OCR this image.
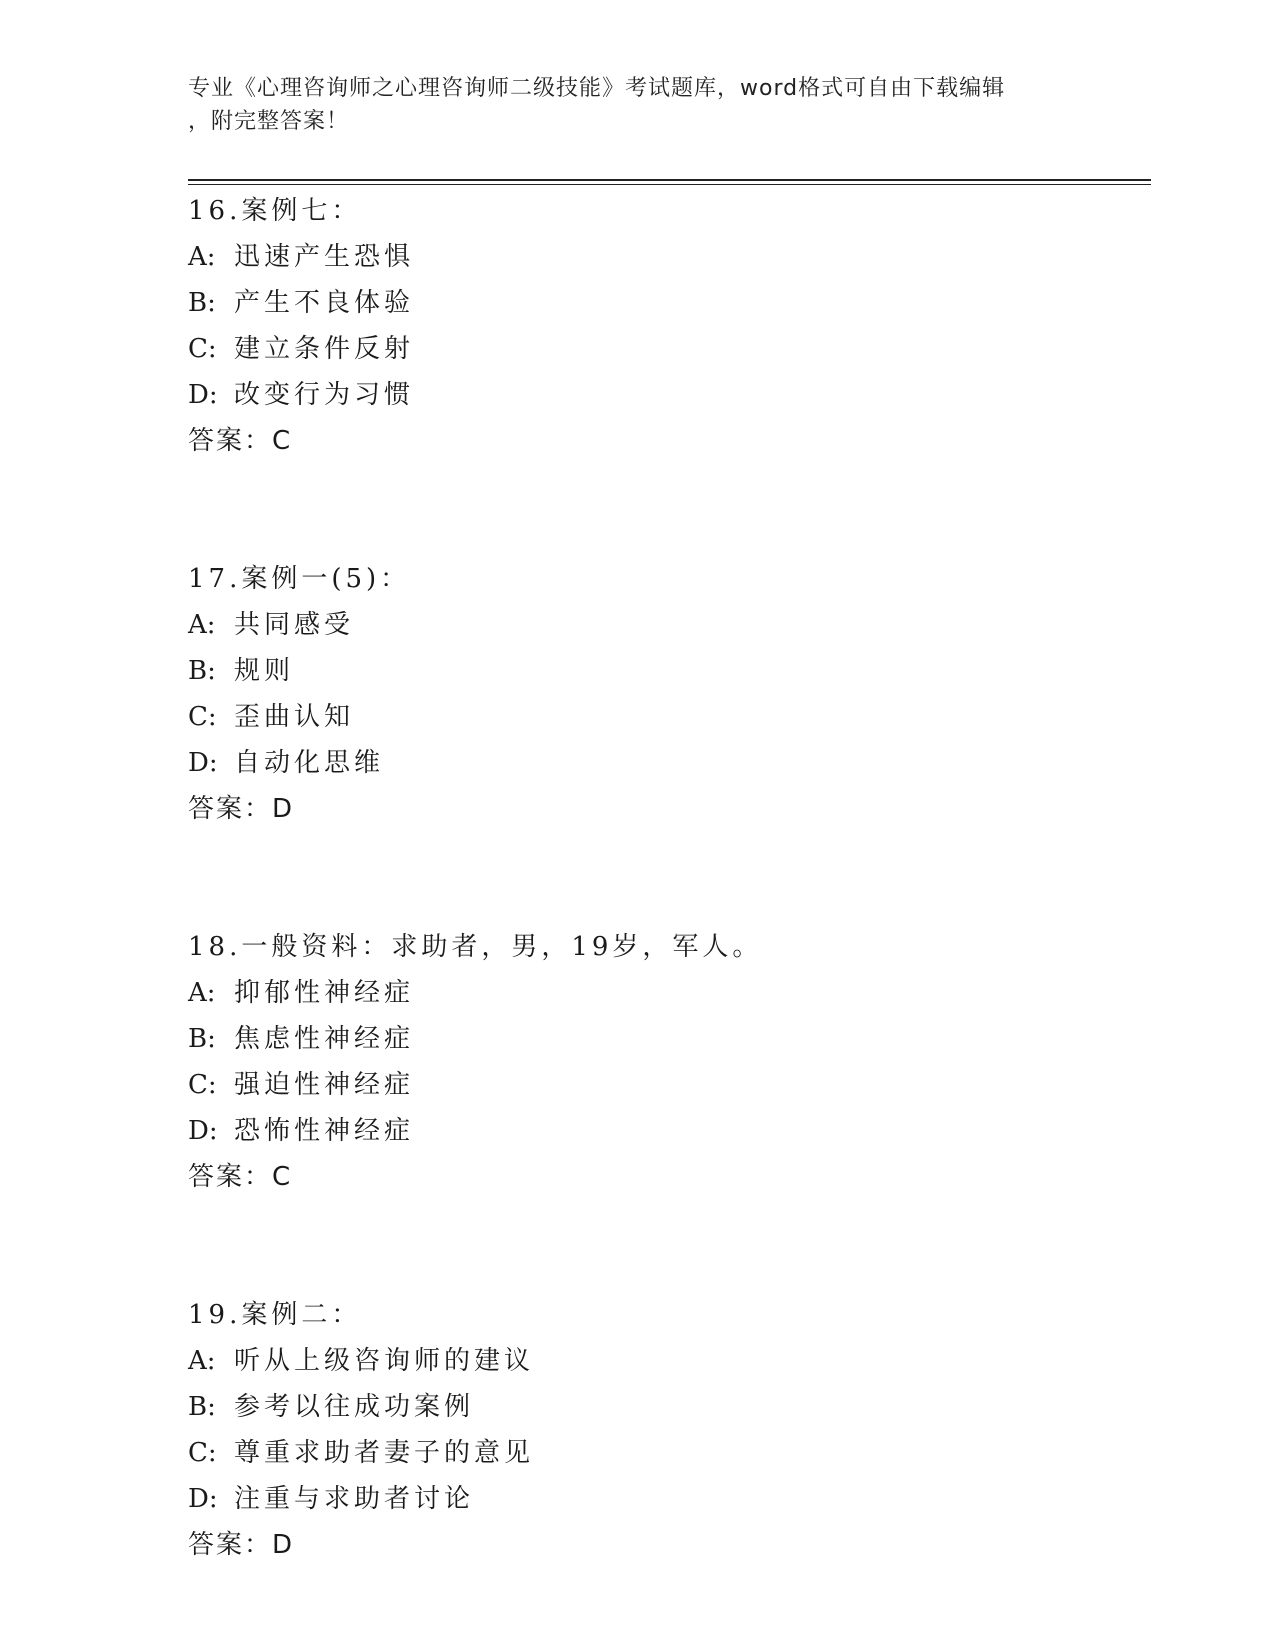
专业《心理咨询师之心理咨询师二级技能》考试题库，word格式可自由下载编辑
，附完整答案！
16.案例七：
A: 迅速产生恐惧
B: 产生不良体验
C: 建立条件反射
D: 改变行为习惯
答案：C
17.案例一(5)：
A: 共同感受
B: 规则
C: 歪曲认知
D: 自动化思维
答案：D
18.一般资料：求助者，男，19岁，军人。
A: 抑郁性神经症
B: 焦虑性神经症
C: 强迫性神经症
D: 恐怖性神经症
答案：C
19.案例二：
A: 听从上级咨询师的建议
B: 参考以往成功案例
C: 尊重求助者妻子的意见
D: 注重与求助者讨论
答案：D
